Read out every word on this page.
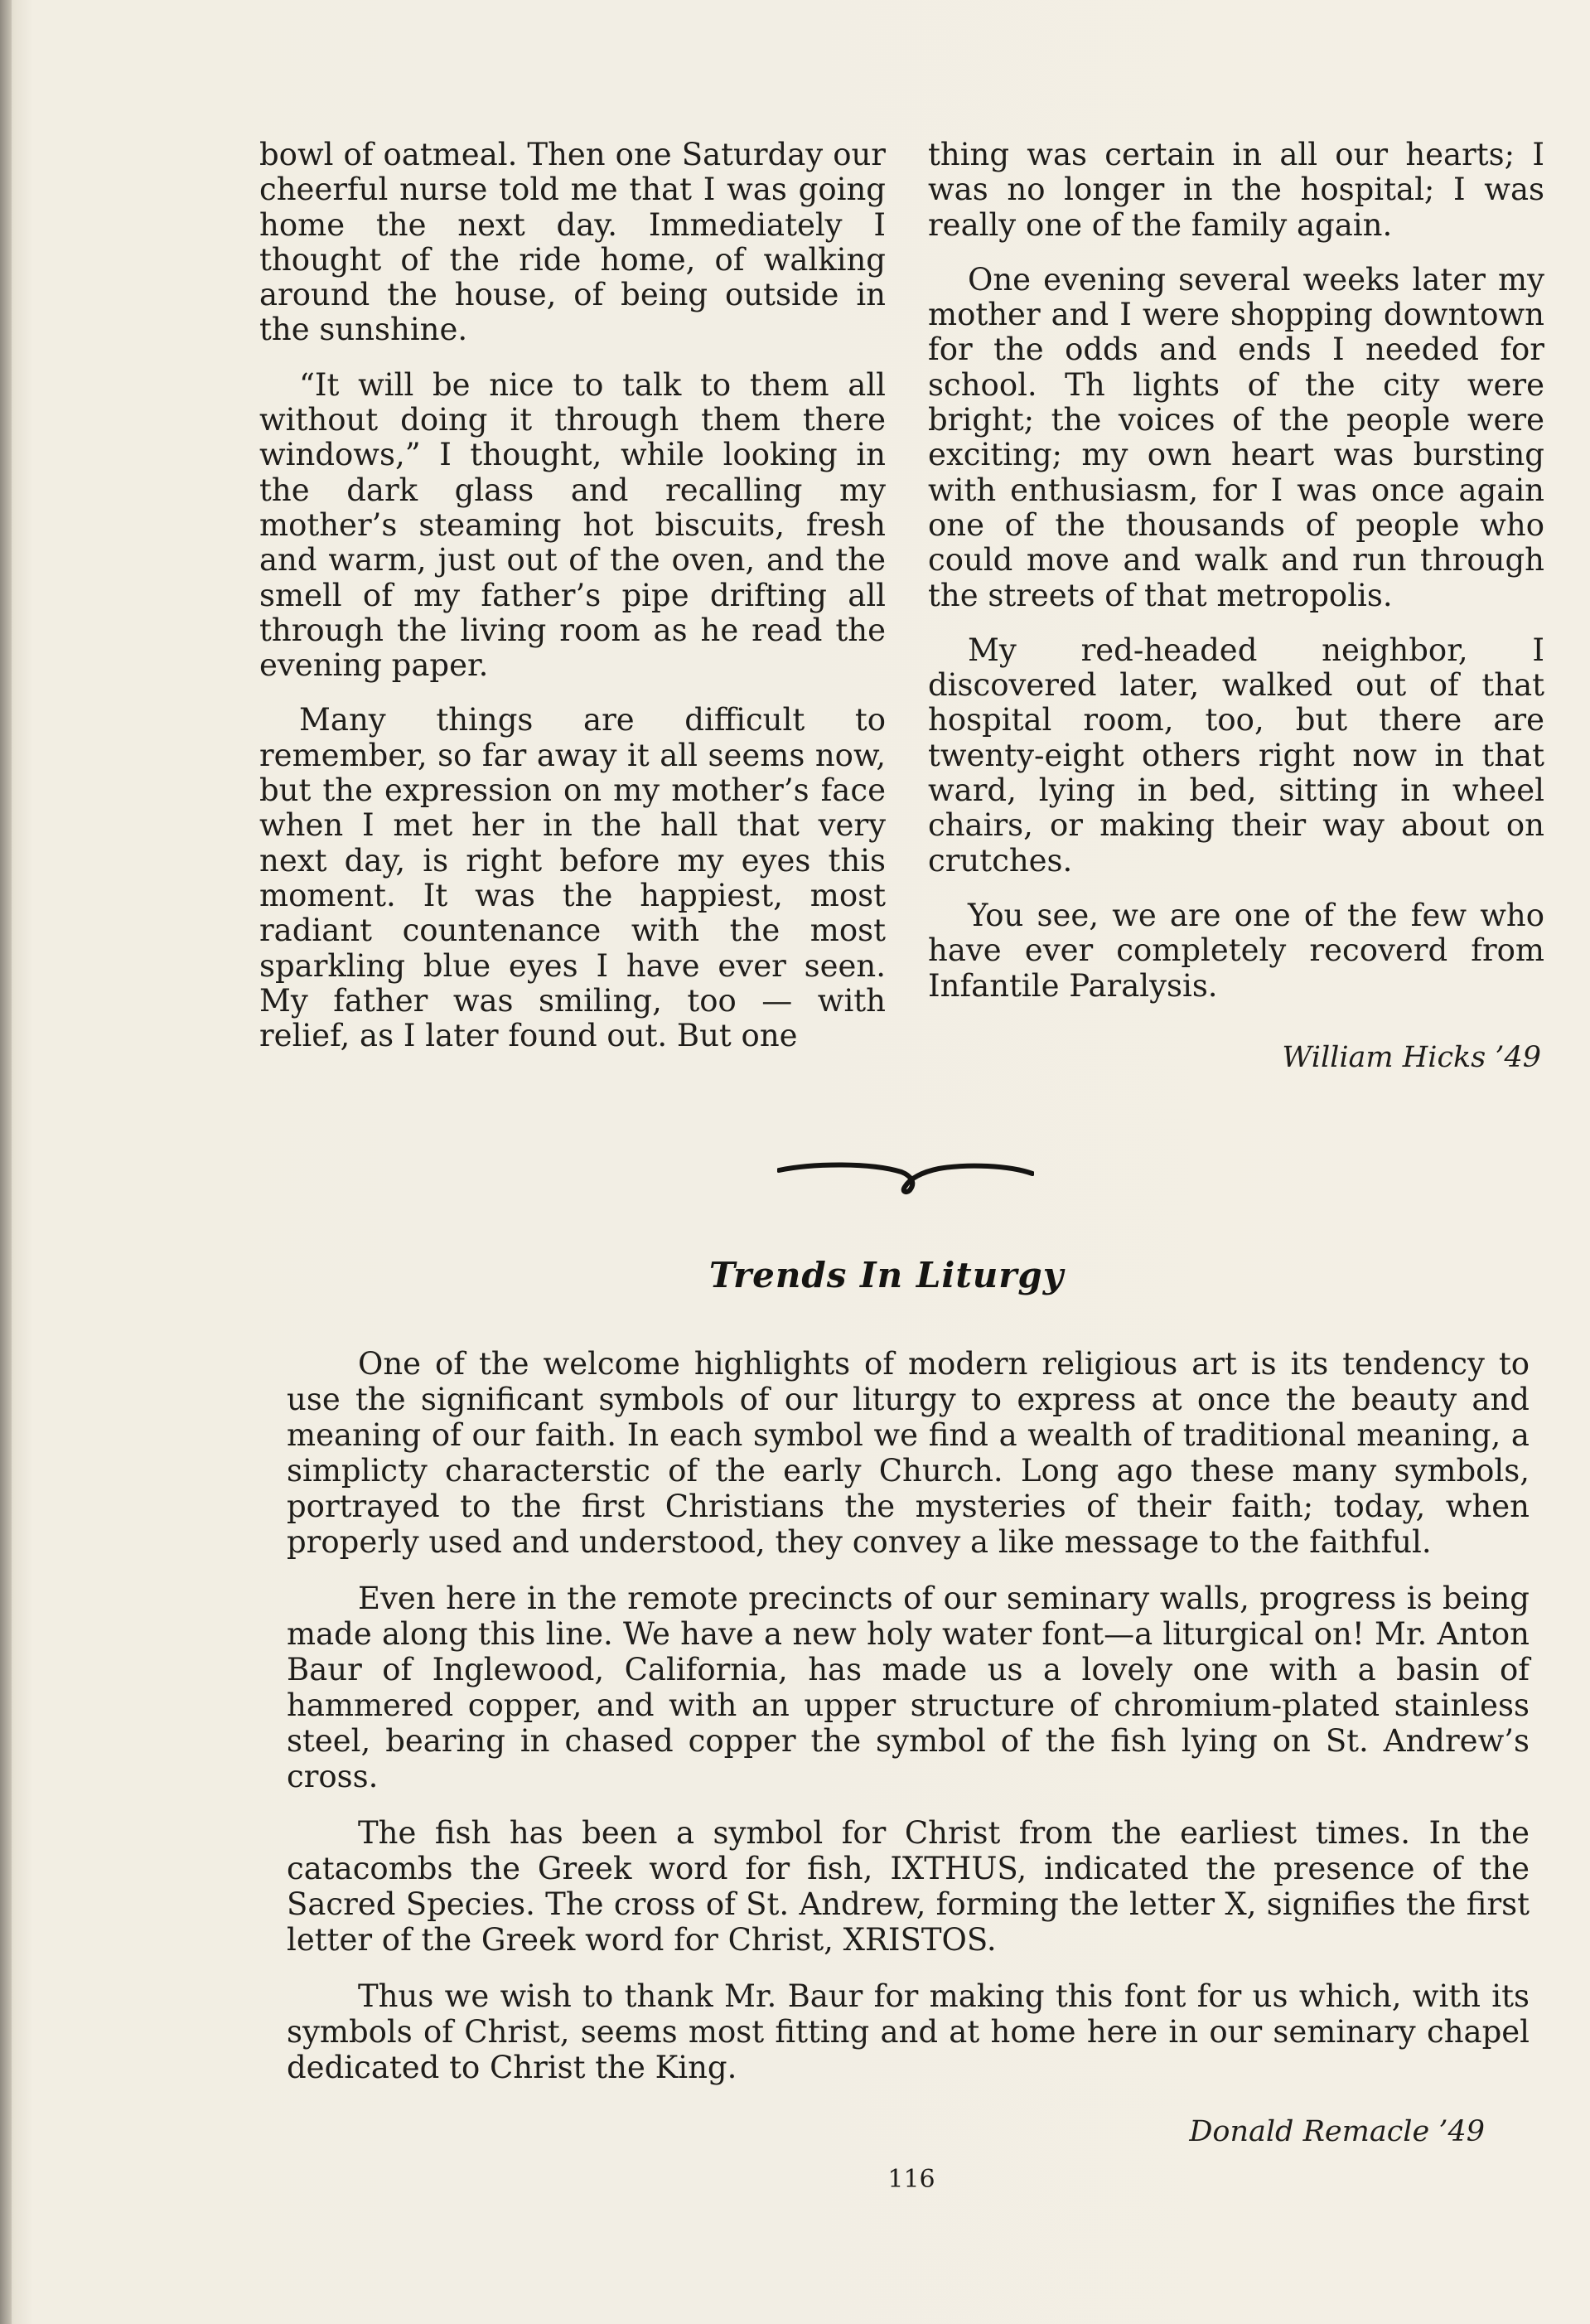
bowl of oatmeal. Then one Saturday our cheerful nurse told me that I was going home the next day. Immediately I thought of the ride home, of walking around the house, of being outside in the sunshine.

“It will be nice to talk to them all without doing it through them there windows,” I thought, while looking in the dark glass and recalling my mother’s steaming hot biscuits, fresh and warm, just out of the oven, and the smell of my father’s pipe drifting all through the living room as he read the evening paper.

Many things are difficult to remember, so far away it all seems now, but the expression on my mother’s face when I met her in the hall that very next day, is right before my eyes this moment. It was the happiest, most radiant countenance with the most sparkling blue eyes I have ever seen. My father was smiling, too — with relief, as I later found out. But one

thing was certain in all our hearts; I was no longer in the hospital; I was really one of the family again.

One evening several weeks later my mother and I were shopping downtown for the odds and ends I needed for school. Th lights of the city were bright; the voices of the people were exciting; my own heart was bursting with enthusiasm, for I was once again one of the thousands of people who could move and walk and run through the streets of that metropolis.

My red-headed neighbor, I discovered later, walked out of that hospital room, too, but there are twenty-eight others right now in that ward, lying in bed, sitting in wheel chairs, or making their way about on crutches.

You see, we are one of the few who have ever completely recoverd from Infantile Paralysis.

William Hicks ’49
Trends In Liturgy

One of the welcome highlights of modern religious art is its tendency to use the significant symbols of our liturgy to express at once the beauty and meaning of our faith. In each symbol we find a wealth of traditional meaning, a simplicty characterstic of the early Church. Long ago these many symbols, portrayed to the first Christians the mysteries of their faith; today, when properly used and understood, they convey a like message to the faithful.

Even here in the remote precincts of our seminary walls, progress is being made along this line. We have a new holy water font—a liturgical on! Mr. Anton Baur of Inglewood, California, has made us a lovely one with a basin of hammered copper, and with an upper structure of chromium-plated stainless steel, bearing in chased copper the symbol of the fish lying on St. Andrew’s cross.

The fish has been a symbol for Christ from the earliest times. In the catacombs the Greek word for fish, IXTHUS, indicated the presence of the Sacred Species. The cross of St. Andrew, forming the letter X, signifies the first letter of the Greek word for Christ, XRISTOS.

Thus we wish to thank Mr. Baur for making this font for us which, with its symbols of Christ, seems most fitting and at home here in our seminary chapel dedicated to Christ the King.

Donald Remacle ’49
116
